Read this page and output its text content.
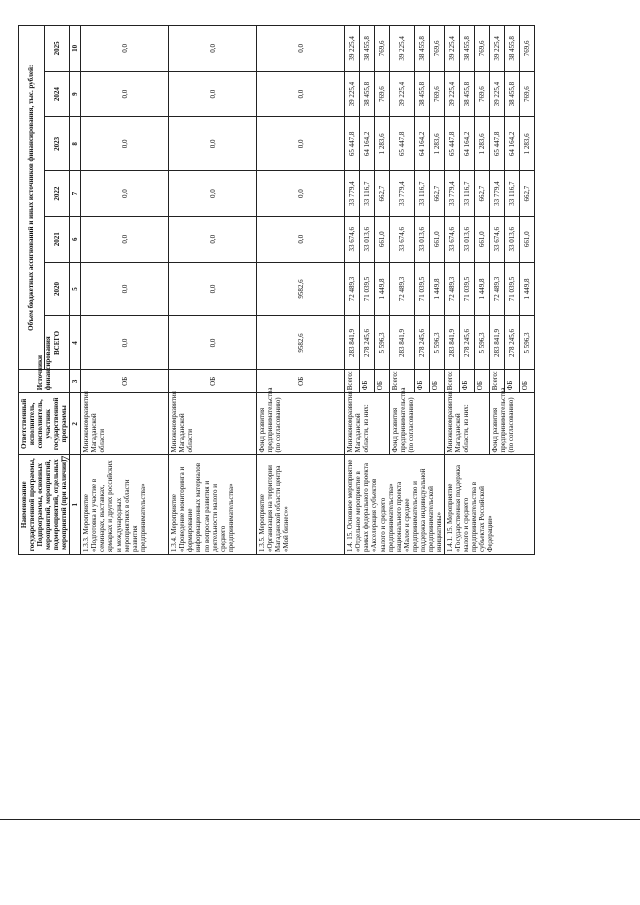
7
Наименование государственной программы, Подпрограммы, основных мероприятий, мероприятий, подмероприятий, отдельных мероприятий (при наличии)	Ответственный исполнитель, соисполнитель, участник государственной программы	Источники финансирования	Объем бюджетных ассигнований и иных источников финансирования, тыс. рублей:						
			ВСЕГО	2020	2021	2022	2023	2024	2025
1	2	3	4	5	6	7	8	9	10
1.3.3. Мероприятие «Подготовка и участие в семинарах, выставках, ярмарках и других российских и международных мероприятиях в области развития предпринимательства»	Минэкономразвития Магаданской области	ОБ	0,0	0,0	0,0	0,0	0,0	0,0	0,0
1.3.4. Мероприятие «Проведение мониторинга и формирование информационных материалов по вопросам развития и деятельности малого и среднего предпринимательства»	Минэкономразвития Магаданской области	ОБ	0,0	0,0	0,0	0,0	0,0	0,0	0,0
1.3.5. Мероприятие «Организация на территории Магаданской области центра «Мой бизнес»»	Фонд развития предпринимательства (по согласованию)	ОБ	9582,6	9582,6	0,0	0,0	0,0	0,0	0,0
1.4. 15. Основное мероприятие «Отдельное мероприятие в рамках федерального проекта «Акселерация субъектов малого и среднего предпринимательства» национального проекта «Малое и среднее предпринимательство и поддержка индивидуальной предпринимательской инициативы»	Минэкономразвития Магаданской области, из них:	Всего:	283 841,9	72 489,3	33 674,6	33 779,4	65 447,8	39 225,4	39 225,4
		ФБ	278 245,6	71 039,5	33 013,6	33 116,7	64 164,2	38 455,8	38 455,8
		ОБ	5 596,3	1 449,8	661,0	662,7	1 283,6	769,6	769,6
	Фонд развития предпринимательства (по согласованию)	Всего:	283 841,9	72 489,3	33 674,6	33 779,4	65 447,8	39 225,4	39 225,4
		ФБ	278 245,6	71 039,5	33 013,6	33 116,7	64 164,2	38 455,8	38 455,8
		ОБ	5 596,3	1 449,8	661,0	662,7	1 283,6	769,6	769,6
1.4.1. 15. Мероприятие «Государственная поддержка малого и среднего предпринимательства в субъектах Российской Федерации»	Минэкономразвития Магаданской области, из них:	Всего:	283 841,9	72 489,3	33 674,6	33 779,4	65 447,8	39 225,4	39 225,4
		ФБ	278 245,6	71 039,5	33 013,6	33 116,7	64 164,2	38 455,8	38 455,8
		ОБ	5 596,3	1 449,8	661,0	662,7	1 283,6	769,6	769,6
	Фонд развития предпринимательства (по согласованию)	Всего:	283 841,9	72 489,3	33 674,6	33 779,4	65 447,8	39 225,4	39 225,4
		ФБ	278 245,6	71 039,5	33 013,6	33 116,7	64 164,2	38 455,8	38 455,8
		ОБ	5 596,3	1 449,8	661,0	662,7	1 283,6	769,6	769,6
